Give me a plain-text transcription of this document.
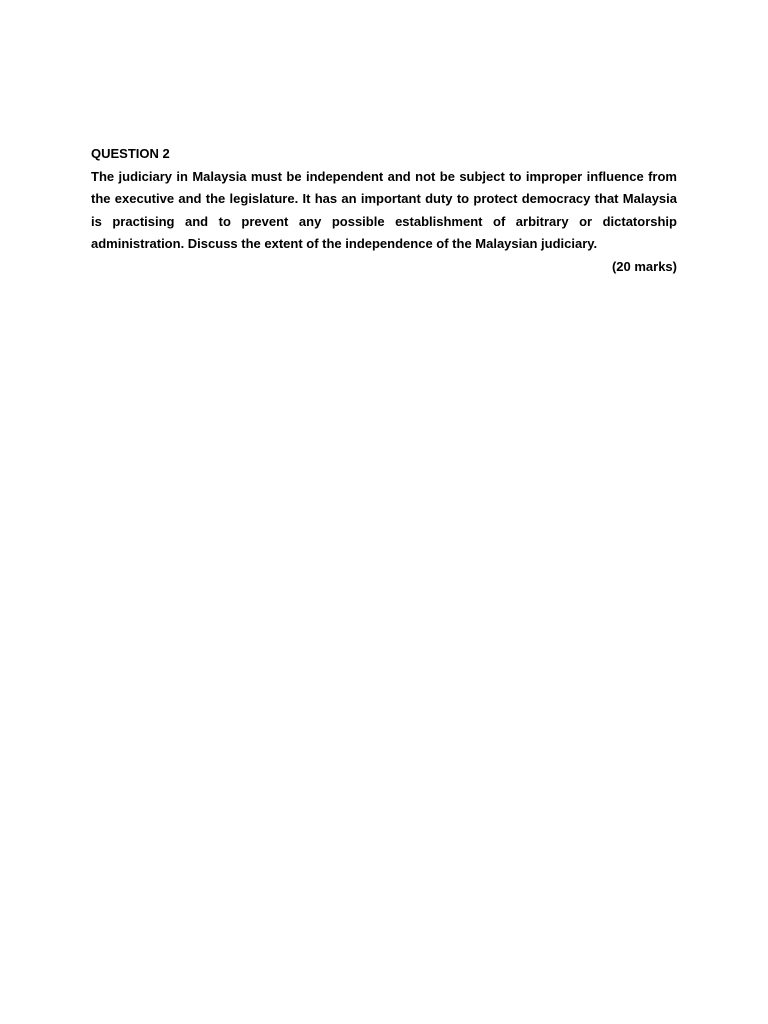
QUESTION 2

The judiciary in Malaysia must be independent and not be subject to improper influence from the executive and the legislature. It has an important duty to protect democracy that Malaysia is practising and to prevent any possible establishment of arbitrary or dictatorship administration. Discuss the extent of the independence of the Malaysian judiciary.

(20 marks)
